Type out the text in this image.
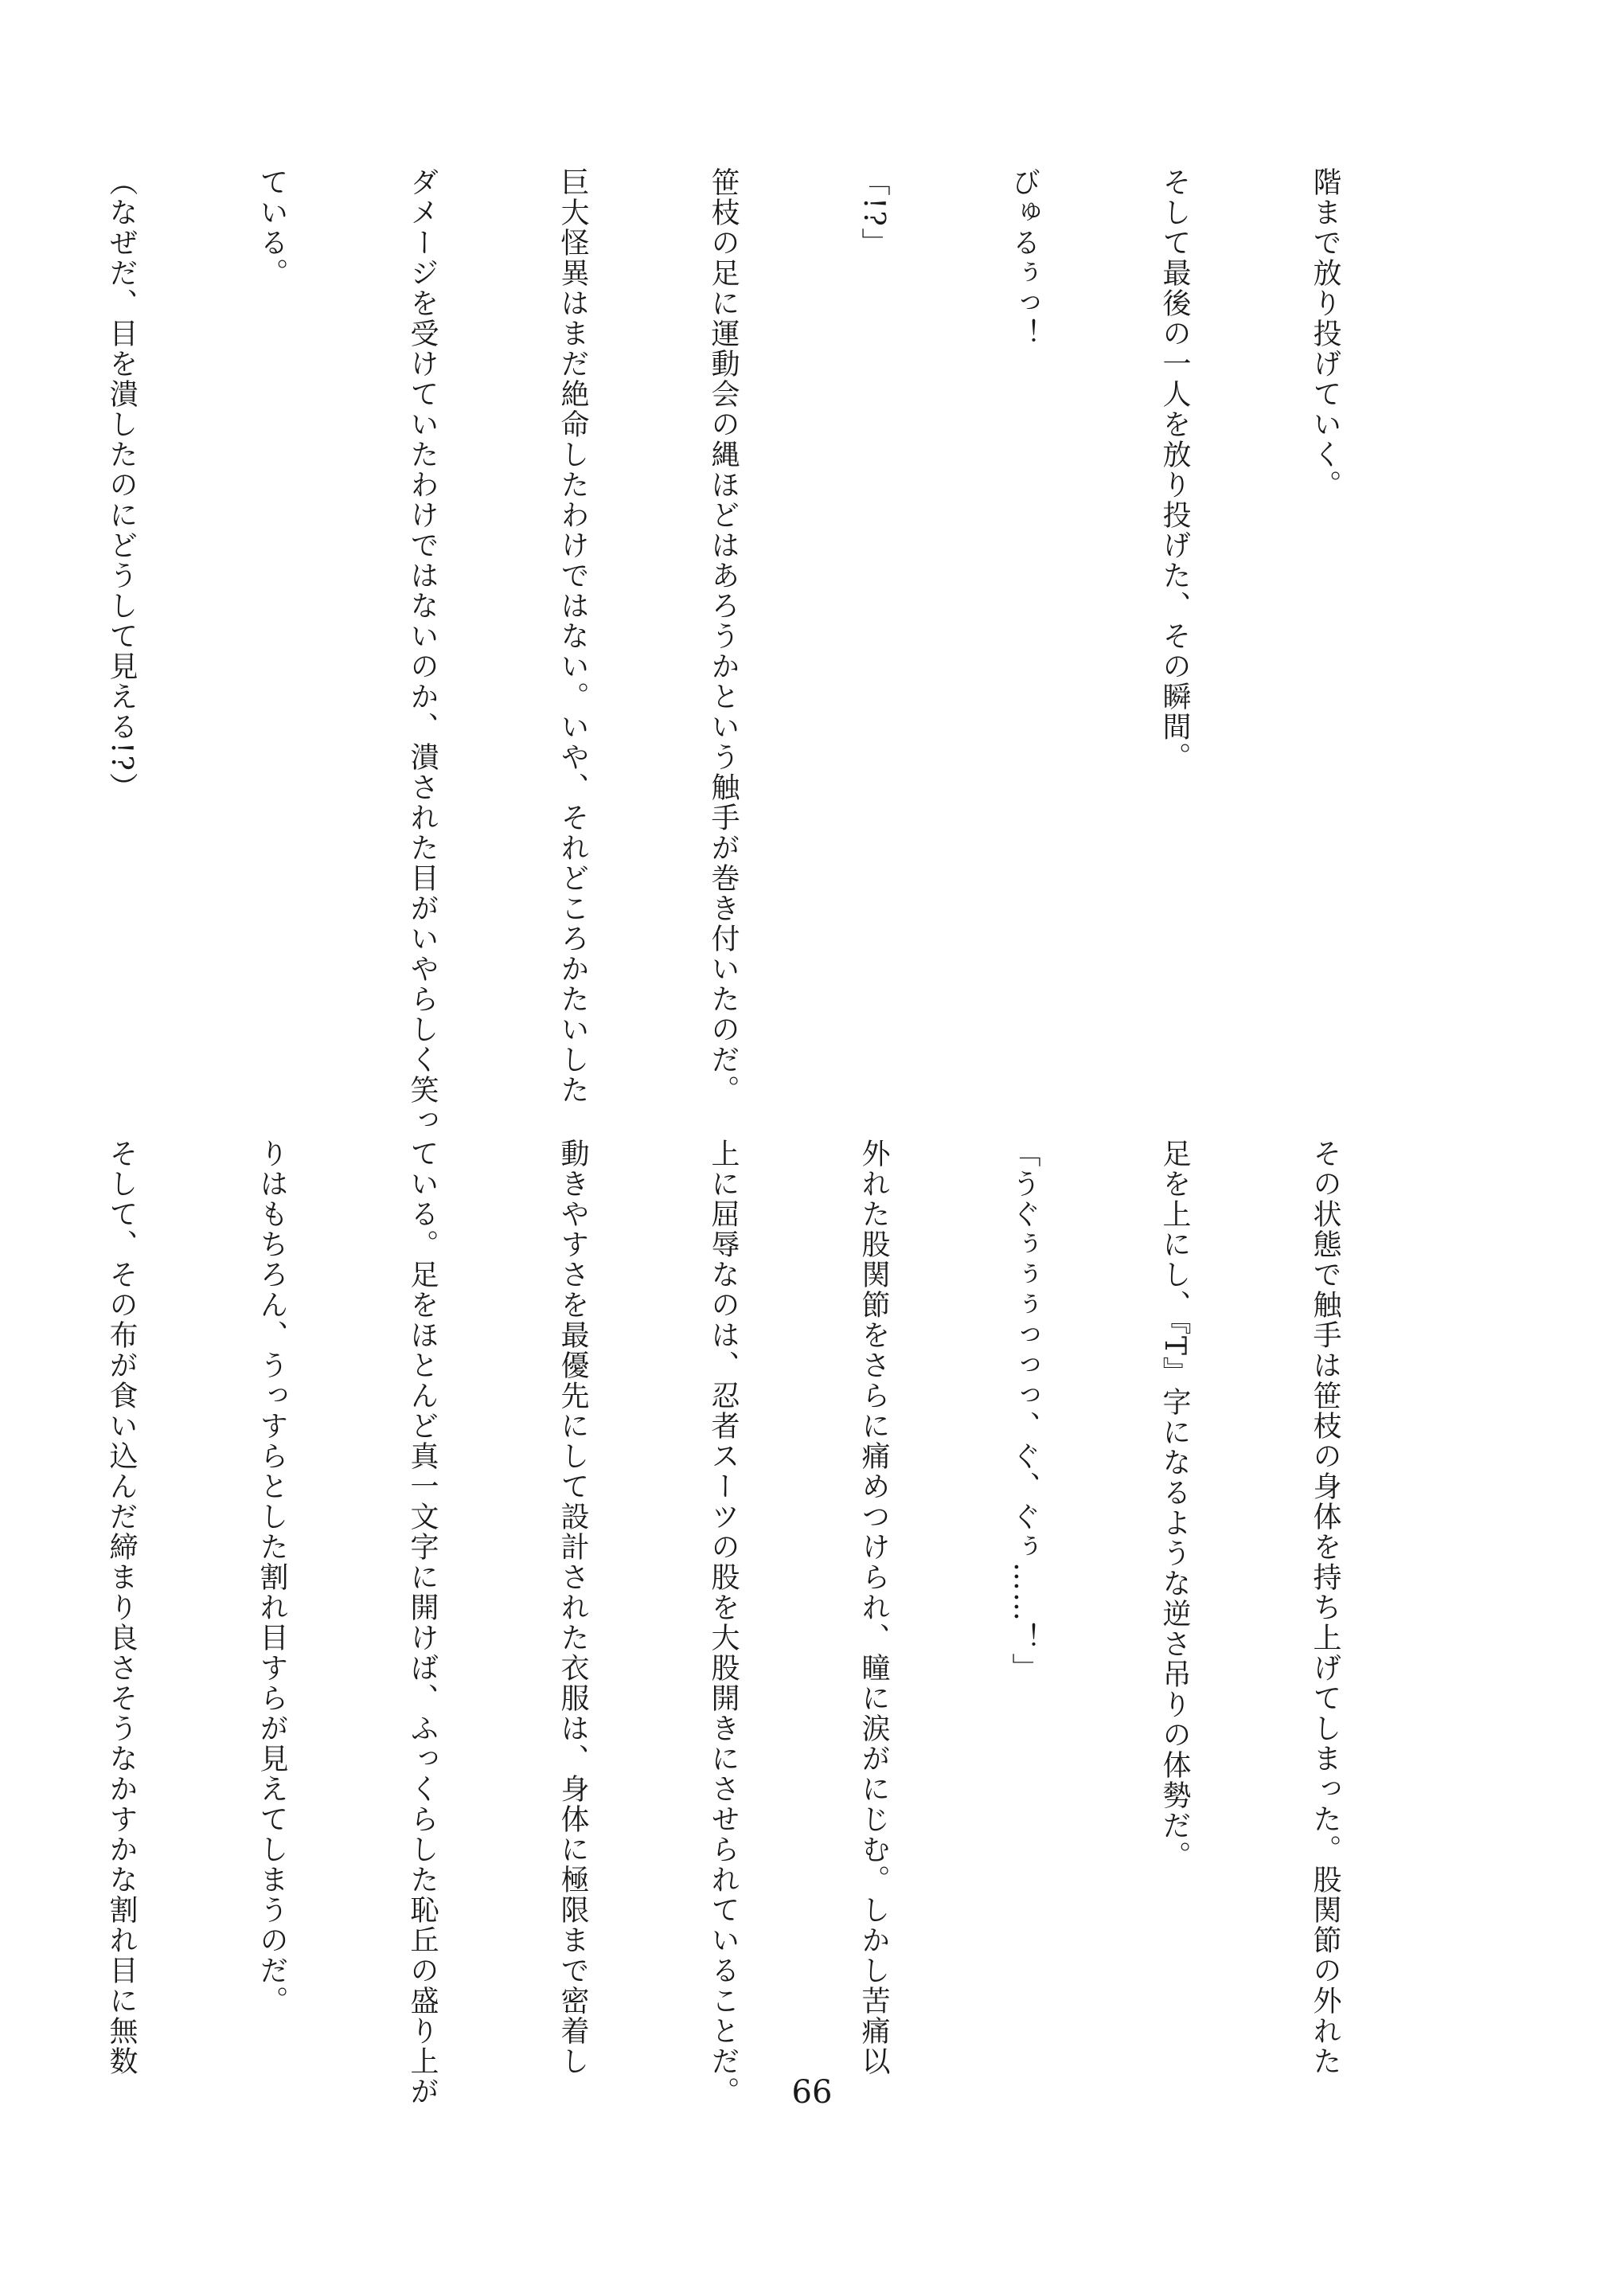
階まで放り投げていく。

そして最後の一人を放り投げた、その瞬間。

びゅるぅっ！

「!?」

笹枝の足に運動会の縄ほどはあろうかという触手が巻き付いたのだ。

巨大怪異はまだ絶命したわけではない。いや、それどころかたいした

ダメージを受けていたわけではないのか、潰された目がいやらしく笑っ

ている。

（なぜだ、目を潰したのにどうして見える!?）

その状態で触手は笹枝の身体を持ち上げてしまった。股関節の外れた

足を上にし、『T』字になるような逆さ吊りの体勢だ。

「うぐぅぅぅっっっ、ぐ、ぐぅ……！」

外れた股関節をさらに痛めつけられ、瞳に涙がにじむ。しかし苦痛以

上に屈辱なのは、忍者スーツの股を大股開きにさせられていることだ。

動きやすさを最優先にして設計された衣服は、身体に極限まで密着し

ている。足をほとんど真一文字に開けば、ふっくらした恥丘の盛り上が

りはもちろん、うっすらとした割れ目すらが見えてしまうのだ。

そして、その布が食い込んだ締まり良さそうなかすかな割れ目に無数

66
